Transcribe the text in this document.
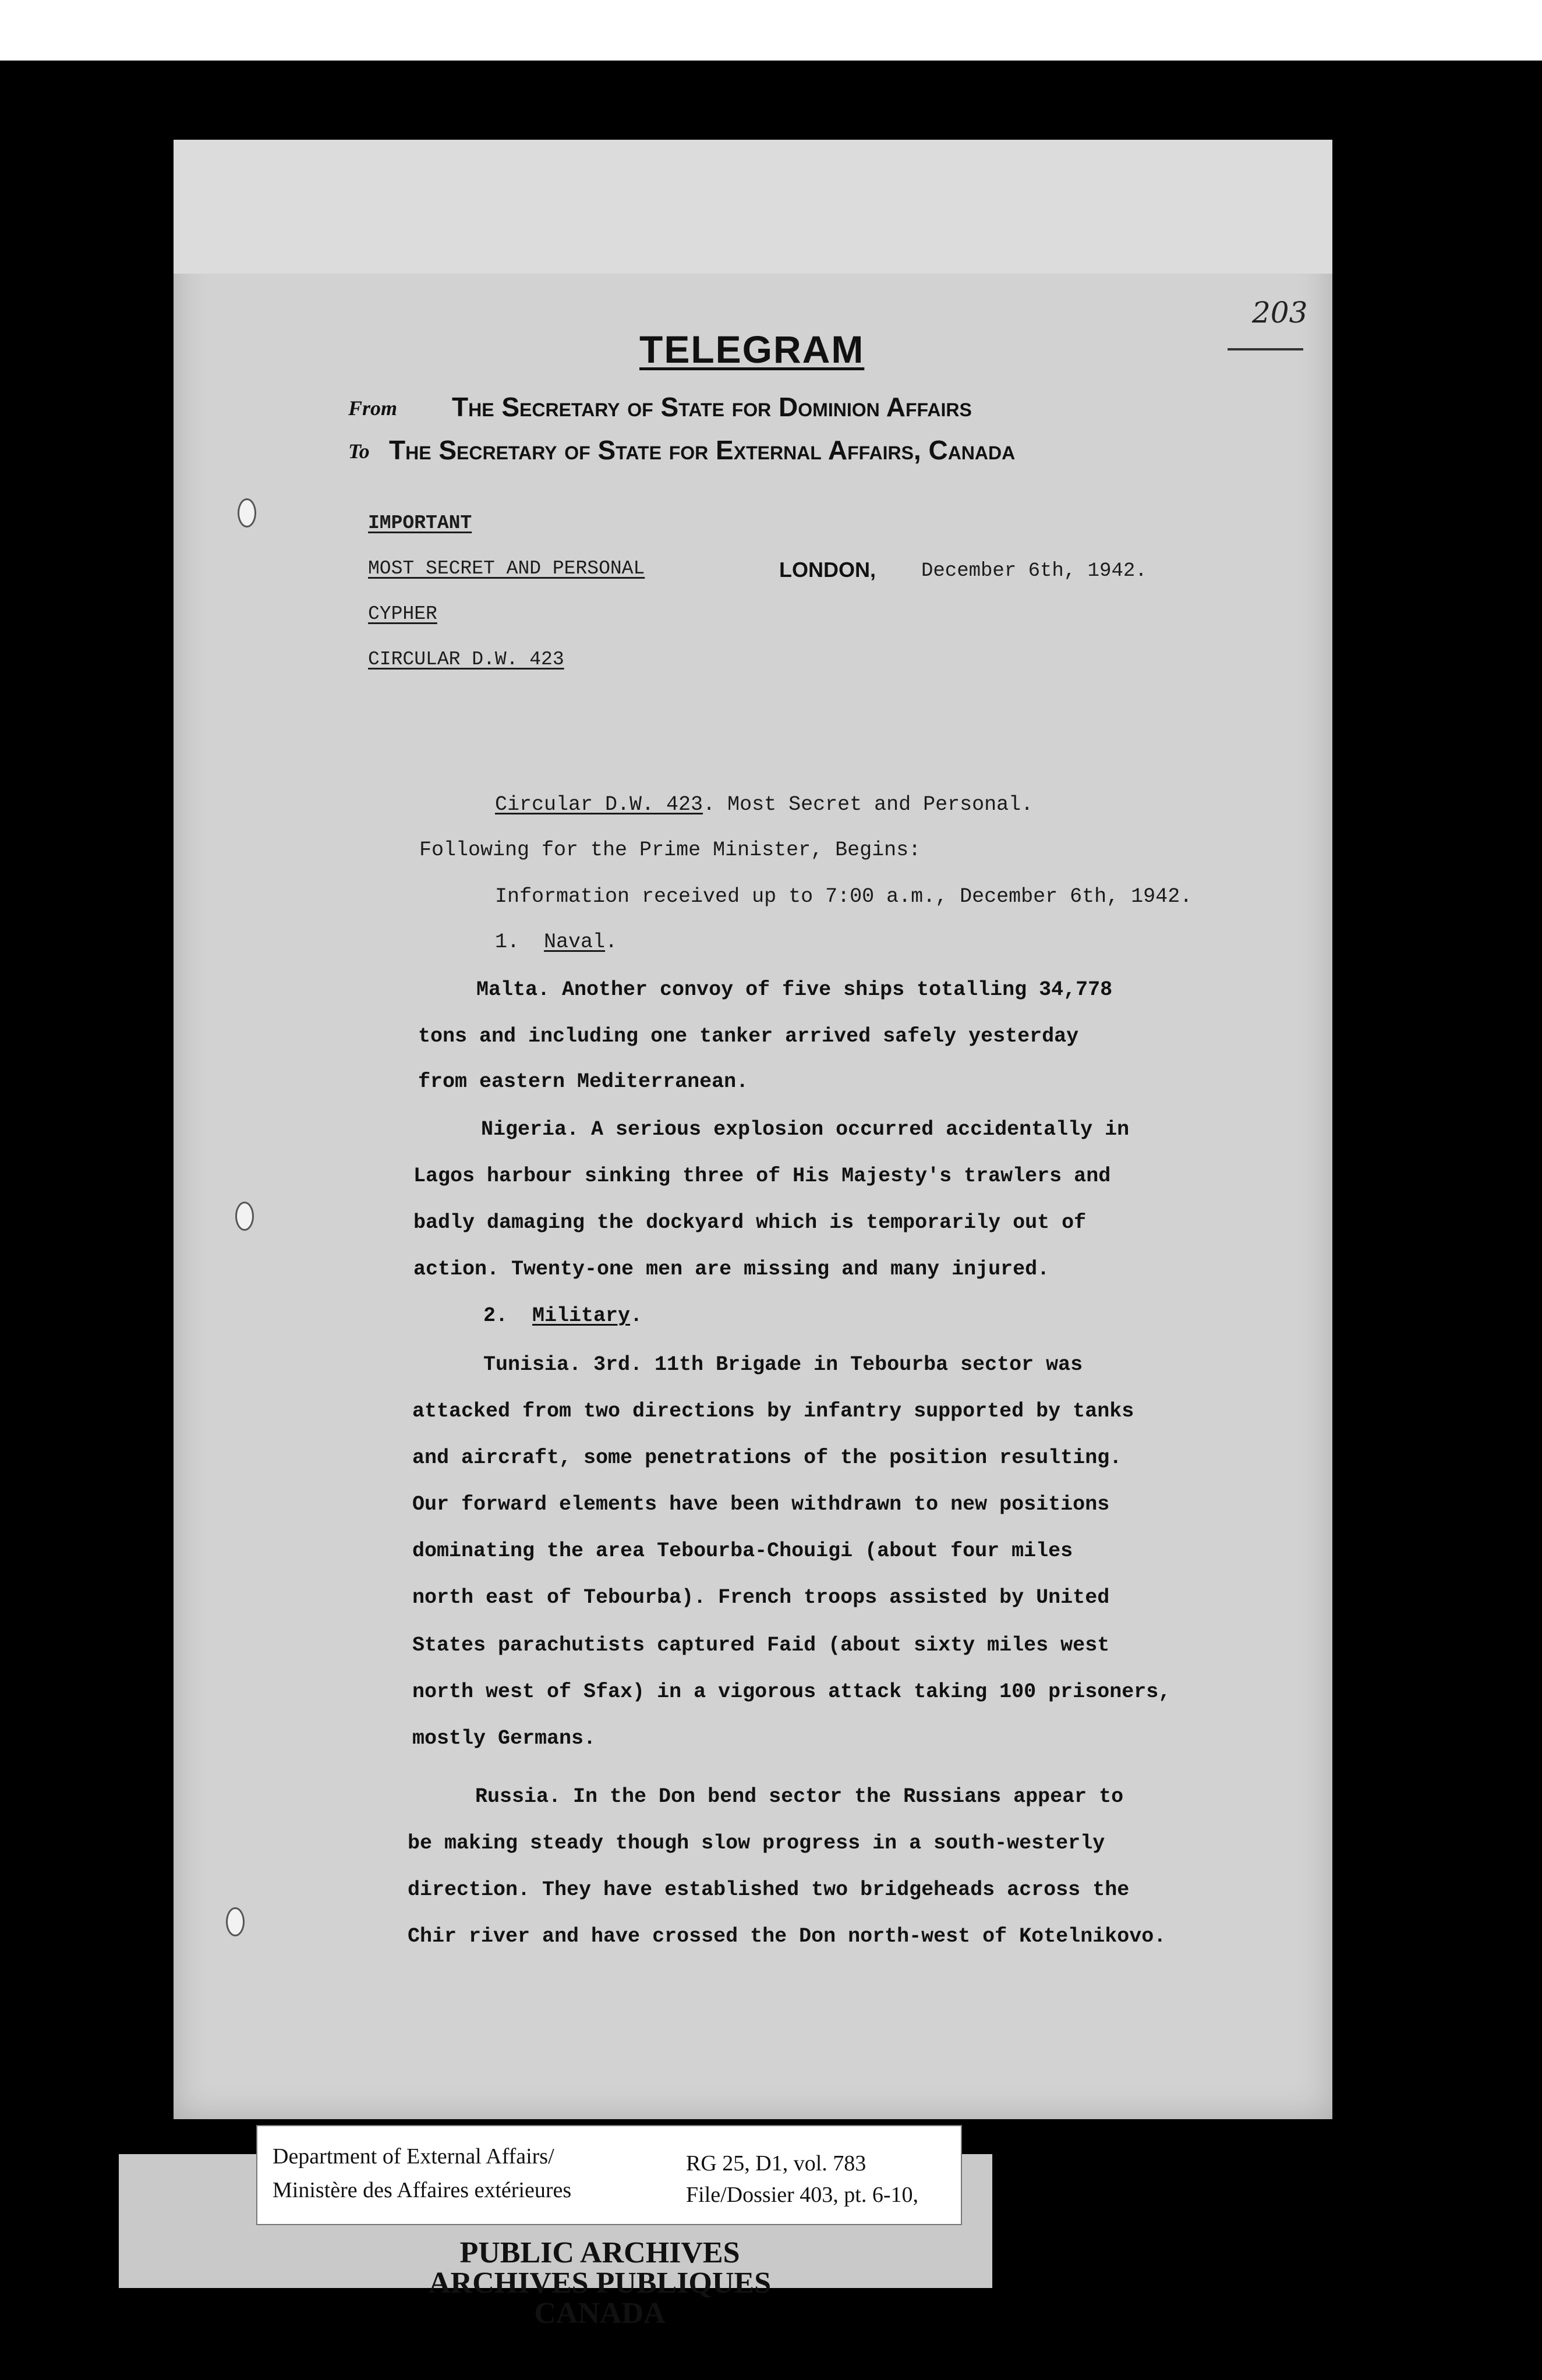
203
TELEGRAM
From The Secretary of State for Dominion Affairs
To The Secretary of State for External Affairs, Canada
IMPORTANT
MOST SECRET AND PERSONAL
CYPHER
CIRCULAR D.W. 423
LONDON, December 6th, 1942.
Circular D.W. 423. Most Secret and Personal.
Following for the Prime Minister, Begins:
Information received up to 7:00 a.m., December 6th, 1942.
1. Naval.
Malta. Another convoy of five ships totalling 34,778
tons and including one tanker arrived safely yesterday
from eastern Mediterranean.
Nigeria. A serious explosion occurred accidentally in
Lagos harbour sinking three of His Majesty's trawlers and
badly damaging the dockyard which is temporarily out of
action. Twenty-one men are missing and many injured.
2. Military.
Tunisia. 3rd. 11th Brigade in Tebourba sector was
attacked from two directions by infantry supported by tanks
and aircraft, some penetrations of the position resulting.
Our forward elements have been withdrawn to new positions
dominating the area Tebourba-Chouigi (about four miles
north east of Tebourba). French troops assisted by United
States parachutists captured Faid (about sixty miles west
north west of Sfax) in a vigorous attack taking 100 prisoners,
mostly Germans.
Russia. In the Don bend sector the Russians appear to
be making steady though slow progress in a south-westerly
direction. They have established two bridgeheads across the
Chir river and have crossed the Don north-west of Kotelnikovo.
Department of External Affairs/
Ministère des Affaires extérieures
RG 25, D1, vol. 783
File/Dossier 403, pt. 6-10,
PUBLIC ARCHIVES
ARCHIVES PUBLIQUES
CANADA
